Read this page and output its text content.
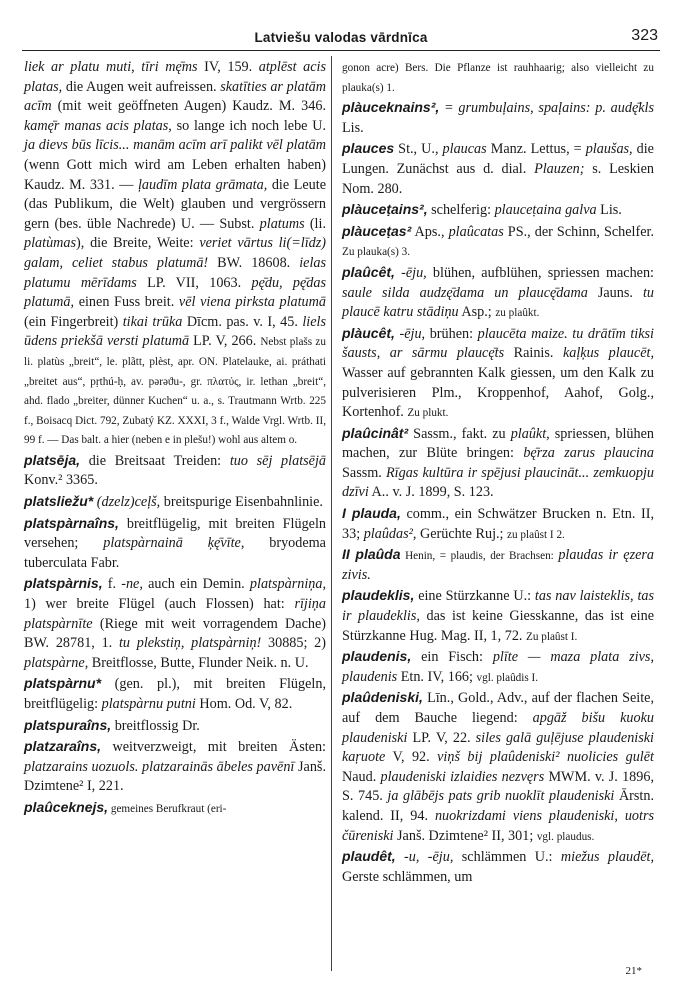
Latviešu valodas vārdnīca	323

liek ar platu muti, tīri mę̄ms IV, 159. atplēst acis platas, die Augen weit aufreissen. skatīties ar platām acīm (mit weit geöffneten Augen) Kaudz. M. 346. kamę̄r manas acis platas, so lange ich noch lebe U. ja dievs būs līcis... manām acīm arī palikt vēl platām (wenn Gott mich wird am Leben erhalten haben) Kaudz. M. 331. — ļaudīm plata grāmata, die Leute (das Publikum, die Welt) glauben und vergrössern gern (bes. üble Nachrede) U. — Subst. platums (li. platùmas), die Breite, Weite: veriet vārtus li(=līdz) galam, celiet stabus platumā! BW. 18608. ielas platumu mērīdams LP. VII, 1063. pę̄du, pę̄das platumā, einen Fuss breit. vēl viena pirksta platumā (ein Fingerbreit) tikai trūka Dīcm. pas. v. I, 45. liels ūdens priekšā versti platumā LP. V, 266. Nebst plašs zu li. platùs „breit“, le. plãtt, plèst, apr. ON. Platelauke, ai. práthati „breitet aus“, pṛthú-ḥ, av. pərəϑu-, gr. πλατύς, ir. lethan „breit“, ahd. flado „breiter, dünner Kuchen“ u. a., s. Trautmann Wrtb. 225 f., Boisacq Dict. 792, Zubatý KZ. XXXI, 3 f., Walde Vrgl. Wrtb. II, 99 f. — Das balt. a hier (neben e in plešu!) wohl aus altem o.

platsēja, die Breitsaat Treiden: tuo sēj platsējā Konv.² 3365.

platsliežu* (dzelz)ceļš, breitspurige Eisenbahnlinie.

platspàrnaîns, breitflügelig, mit breiten Flügeln versehen; platspàrnainā ķę̄vīte, bryodema tuberculata Fabr.

platspàrnis, f. -ne, auch ein Demin. platspàrniņa, 1) wer breite Flügel (auch Flossen) hat: rījiņa platspàrnīte (Riege mit weit vorragendem Dache) BW. 28781, 1. tu plekstiņ, platspàrniņ! 30885; 2) platspàrne, Breitflosse, Butte, Flunder Neik. n. U.

platspàrnu* (gen. pl.), mit breiten Flügeln, breitflügelig: platspàrnu putni Hom. Od. V, 82.

platspuraîns, breitflossig Dr.

platzaraîns, weitverzweigt, mit breiten Ästen: platzarains uozuols. platzarainās ābeles pavēnī Janš. Dzimtene² I, 221.

plaûceknejs, gemeines Berufkraut (eri-

gonon acre) Bers. Die Pflanze ist rauhhaarig; also vielleicht zu plauka(s) 1.

plàuceknains², = grumbuļains, spaļains: p. audę̄kls Lis.

plauces St., U., plaucas Manz. Lettus, = plaušas, die Lungen. Zunächst aus d. dial. Plauzen; s. Leskien Nom. 280.

plàuceṭains², schelferig: plauceṭaina galva Lis.

plàuceṭas² Aps., plaûcatas PS., der Schinn, Schelfer. Zu plauka(s) 3.

plaûcêt, -ēju, blühen, aufblühen, spriessen machen: saule silda audzę̄dama un plaucę̄dama Jauns. tu plaucē katru stādiņu Asp.; zu plaûkt.

plàucêt, -ēju, brühen: plaucēta maize. tu drātīm tiksi šausts, ar sārmu plaucę̄ts Rainis. kaļķus plaucēt, Wasser auf gebrannten Kalk giessen, um den Kalk zu pulverisieren Plm., Kroppenhof, Aahof, Golg., Kortenhof. Zu plukt.

plaûcinât² Sassm., fakt. zu plaûkt, spriessen, blühen machen, zur Blüte bringen: bę̄rza zarus plaucina Sassm. Rīgas kultūra ir spējusi plaucināt... zemkuopju dzīvi A.. v. J. 1899, S. 123.

I plauda, comm., ein Schwätzer Brucken n. Etn. II, 33; plaûdas², Gerüchte Ruj.; zu plaûst I 2.

II plaûda Henin, = plaudis, der Brachsen: plaudas ir ęzera zivis.

plaudeklis, eine Stürzkanne U.: tas nav laisteklis, tas ir plaudeklis, das ist keine Giesskanne, das ist eine Stürzkanne Hug. Mag. II, 1, 72. Zu plaûst I.

plaudenis, ein Fisch: plīte — maza plata zivs, plaudenis Etn. IV, 166; vgl. plaûdis I.

plaûdeniski, Līn., Gold., Adv., auf der flachen Seite, auf dem Bauche liegend: apgāž bišu kuoku plaudeniski LP. V, 22. siles galā guļējuse plaudeniski kaŗuote V, 92. viņš bij plaûdeniski² nuolicies gulēt Naud. plaudeniski izlaidies nezvęrs MWM. v. J. 1896, S. 745. ja glābējs pats grib nuoklīt plaudeniski Ārstn. kalend. II, 94. nuokrizdami viens plaudeniski, uotrs čūreniski Janš. Dzimtene² II, 301; vgl. plaudus.

plaudêt, -u, -ēju, schlämmen U.: miežus plaudēt, Gerste schlämmen, um

21*
